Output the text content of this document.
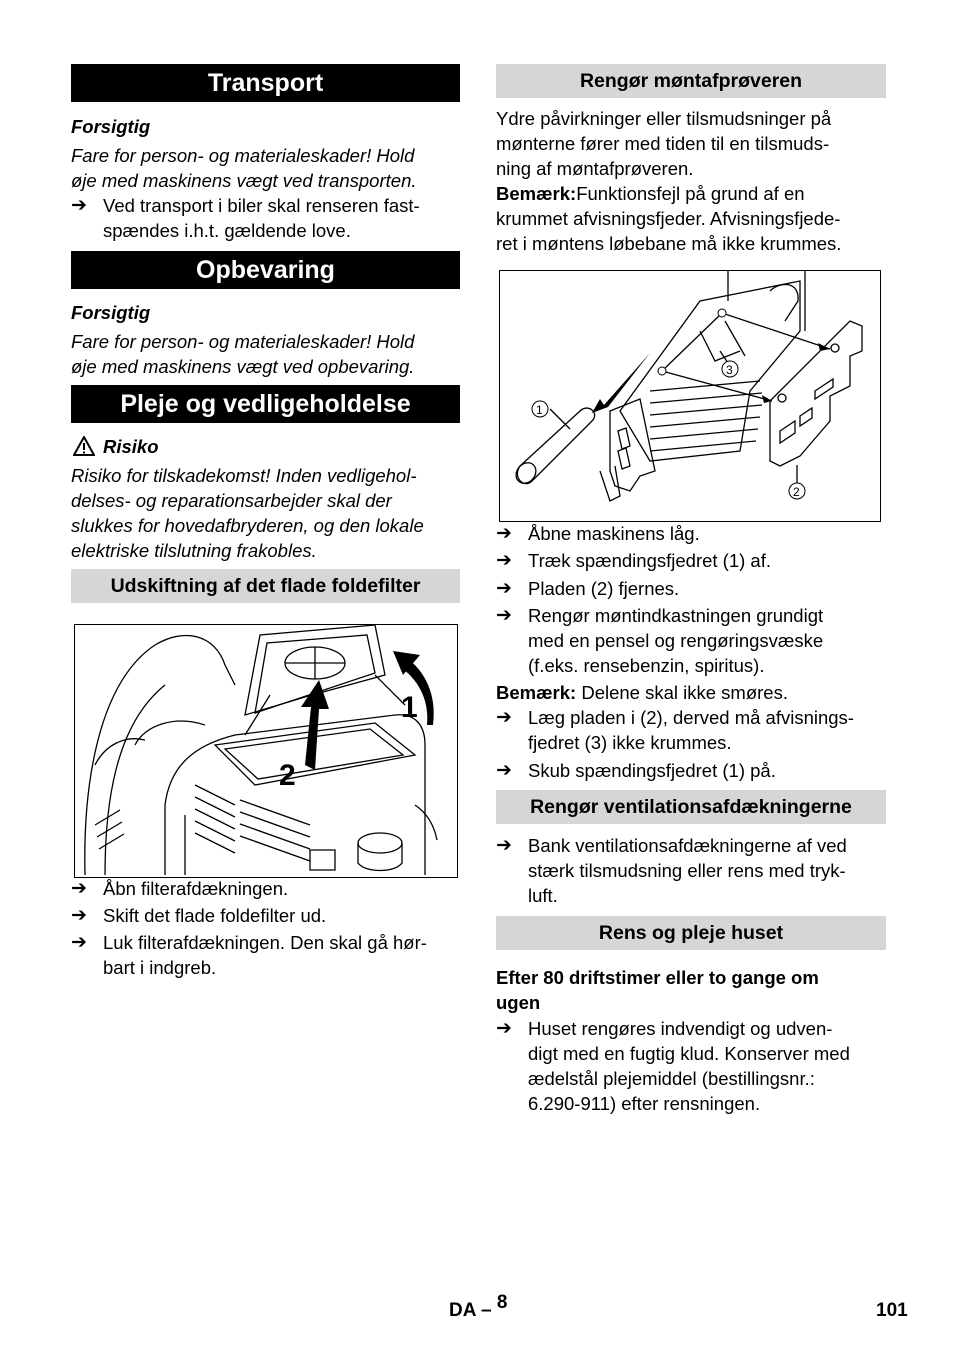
Transport
Forsigtig
Fare for person- og materialeskader! Hold
øje med maskinens vægt ved transporten.
➔ Ved transport i biler skal renseren fast-
spændes i.h.t. gældende love.
Opbevaring
Forsigtig
Fare for person- og materialeskader! Hold
øje med maskinens vægt ved opbevaring.
Pleje og vedligeholdelse
Risiko
Risiko for tilskadekomst! Inden vedligehol-
delses- og reparationsarbejder skal der
slukkes for hovedafbryderen, og den lokale
elektriske tilslutning frakobles.
Udskiftning af det flade foldefilter
1
2
➔ Åbn filterafdækningen.
➔ Skift det flade foldefilter ud.
➔ Luk filterafdækningen. Den skal gå hør-
bart i indgreb.
Rengør møntafprøveren
Ydre påvirkninger eller tilsmudsninger på
mønterne fører med tiden til en tilsmuds-
ning af møntafprøveren.
Bemærk:Funktionsfejl på grund af en
krummet afvisningsfjeder. Afvisningsfjede-
ret i møntens løbebane må ikke krummes.
1
2
3
➔ Åbne maskinens låg.
➔ Træk spændingsfjedret (1) af.
➔ Pladen (2) fjernes.
➔ Rengør møntindkastningen grundigt
med en pensel og rengøringsvæske
(f.eks. rensebenzin, spiritus).
Bemærk: Delene skal ikke smøres.
➔ Læg pladen i (2), derved må afvisnings-
fjedret (3) ikke krummes.
➔ Skub spændingsfjedret (1) på.
Rengør ventilationsafdækningerne
➔ Bank ventilationsafdækningerne af ved
stærk tilsmudsning eller rens med tryk-
luft.
Rens og pleje huset
Efter 80 driftstimer eller to gange om
ugen
➔ Huset rengøres indvendigt og udven-
digt med en fugtig klud. Konserver med
ædelstål plejemiddel (bestillingsnr.:
6.290-911) efter rensningen.
DA – 8	101
